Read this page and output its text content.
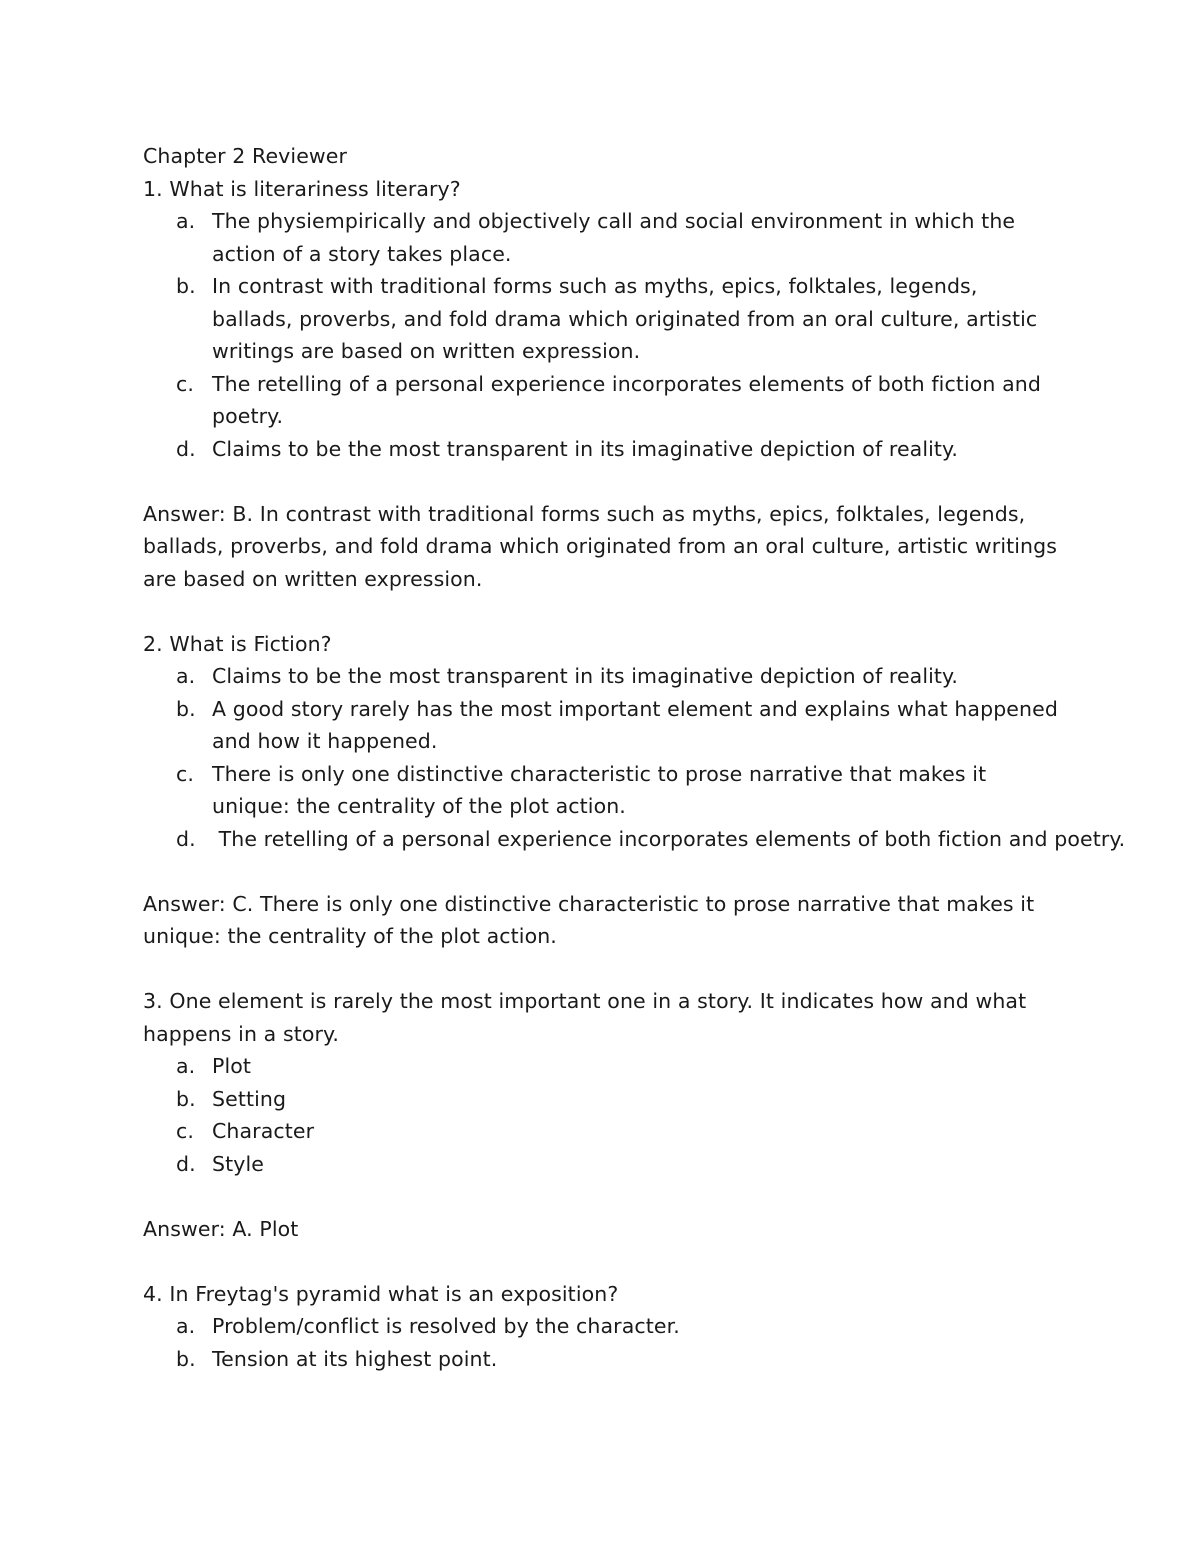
Chapter 2 Reviewer

1. What is literariness literary?

a. The physiempirically and objectively call and social environment in which the action of a story takes place.
b. In contrast with traditional forms such as myths, epics, folktales, legends, ballads, proverbs, and fold drama which originated from an oral culture, artistic writings are based on written expression.
c. The retelling of a personal experience incorporates elements of both fiction and poetry.
d. Claims to be the most transparent in its imaginative depiction of reality.

Answer: B. In contrast with traditional forms such as myths, epics, folktales, legends, ballads, proverbs, and fold drama which originated from an oral culture, artistic writings are based on written expression.

2. What is Fiction?

a. Claims to be the most transparent in its imaginative depiction of reality.
b. A good story rarely has the most important element and explains what happened and how it happened.
c. There is only one distinctive characteristic to prose narrative that makes it unique: the centrality of the plot action.
d. The retelling of a personal experience incorporates elements of both fiction and poetry.

Answer: C. There is only one distinctive characteristic to prose narrative that makes it unique: the centrality of the plot action.

3. One element is rarely the most important one in a story. It indicates how and what happens in a story.

a. Plot
b. Setting
c. Character
d. Style

Answer: A. Plot

4. In Freytag's pyramid what is an exposition?

a. Problem/conflict is resolved by the character.
b. Tension at its highest point.
